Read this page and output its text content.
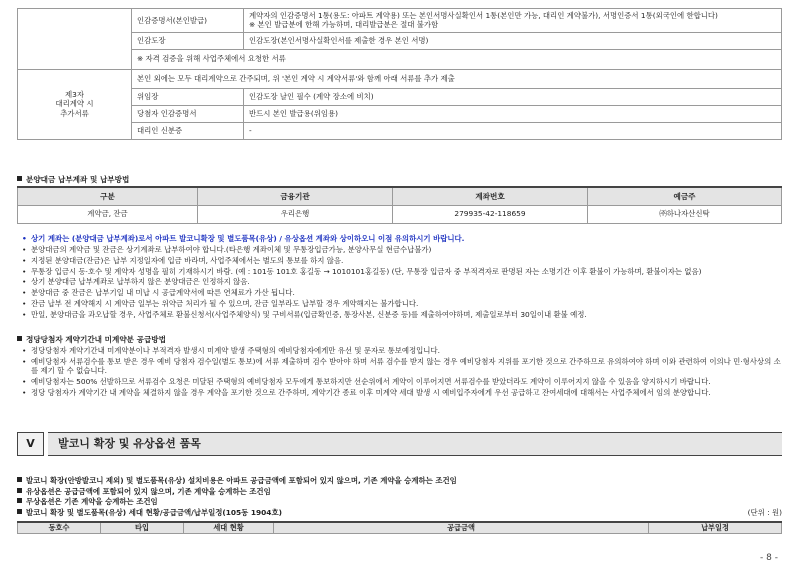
	인감증명서(본인발급)	계약자의 인감증명서 1통(용도: 아파트 계약용) 또는 본인서명사실확인서 1통(본인만 가능, 대리인 계약불가), 서명인증서 1통(외국인에 한합니다)
※ 본인 발급분에 한해 가능하며, 대리발급분은 절대 불가함

	인감도장	인감도장(본인서명사실확인서를 제출한 경우 본인 서명)
	※ 자격 검증을 위해 사업주체에서 요청한 서류	
제3자
대리계약 시
추가서류	본인 외에는 모두 대리계약으로 간주되며, 위 '본인 계약 시 계약서류'와 함께 아래 서류를 추가 제출	
	위임장	인감도장 날인 필수 (계약 장소에 비치)
	당첨자 인감증명서	반드시 본인 발급용(위임용)
	대리인 신분증	-
분양대금 납부계좌 및 납부방법
구분	금융기관	계좌번호	예금주
계약금, 잔금	우리은행	279935-42-118659	㈜하나자산신탁
• 상기 계좌는 (분양대금 납부계좌)로서 아파트 발코니확장 및 별도품목(유상) / 유상옵션 계좌와 상이하오니 이점 유의하시기 바랍니다.
• 분양대금의 계약금 및 잔금은 상기계좌로 납부하여야 합니다.(타은행 계좌이체 및 무통장입금가능, 분양사무실 현금수납불가)
• 지정된 분양대금(잔금)은 납부 지정일자에 입금 바라며, 사업주체에서는 별도의 통보를 하지 않음.
• 무통장 입금시 동·호수 및 계약자 성명을 필히 기재하시기 바람. (예 : 101동 101호 홍길동 → 1010101홍길동) (단, 무통장 입금자 중 부적격자로 판명된 자는 소명기간 이후 환불이 가능하며, 환불이자는 없음)
• 상기 분양대금 납부계좌로 납부하지 않은 분양대금은 인정하지 않음.
• 분양대금 중 잔금은 납부기일 내 미납 시 공급계약서에 따른 연체료가 가산 됩니다.
• 잔금 납부 전 계약해지 시 계약금 일부는 위약금 처리가 될 수 있으며, 잔금 일부라도 납부할 경우 계약해지는 불가합니다.
• 만일, 분양대금을 과오납할 경우, 사업주체로 환불신청서(사업주체양식) 및 구비서류(입금확인증, 통장사본, 신분증 등)를 제출하여야하며, 제출일로부터 30일이내 환불 예정.
정당당첨자 계약기간내 미계약분 공급방법
• 정당당첨자 계약기간내 미계약분이나 부적격자 발생시 미계약 발생 주택형의 예비당첨자에게만 유선 및 문자로 통보예정입니다.
• 예비당첨자 서류검수를 통보 받은 경우 예비 당첨자 검수일(별도 통보)에 서류 제출하며 검수 받아야 하며 서류 검수를 받지 않는 경우 예비당첨자 지위를 포기한 것으로 간주하므로 유의하여야 하며 이와 관련하여 이의나 민·형사상의 소를 제기 할 수 없습니다.
• 예비당첨자는 500% 선발하므로 서류검수 요청은 미달된 주택형의 예비당첨자 모두에게 통보하지만 선순위에서 계약이 이루어지면 서류검수를 받았더라도 계약이 이루어지지 않을 수 있음을 양지하시기 바랍니다.
• 정당 당첨자가 계약기간 내 계약을 체결하지 않을 경우 계약을 포기한 것으로 간주하며, 계약기간 종료 이후 미계약 세대 발생 시 예비입주자에게 우선 공급하고 잔여세대에 대해서는 사업주체에서 임의 분양합니다.
V	발코니 확장 및 유상옵션 품목
발코니 확장(안방발코니 제외) 및 별도품목(유상) 설치비용은 아파트 공급금액에 포함되어 있지 않으며, 기존 계약을 승계하는 조건임
유상옵션은 공급금액에 포함되어 있지 않으며, 기존 계약을 승계하는 조건임
무상옵션은 기존 계약을 승계하는 조건임
발코니 확장 및 별도품목(유상) 세대 현황/공급금액/납부일정(105동 1904호)	(단위 : 원)
동호수	타입	세대 현황	공급금액	납부일정
- 8 -
